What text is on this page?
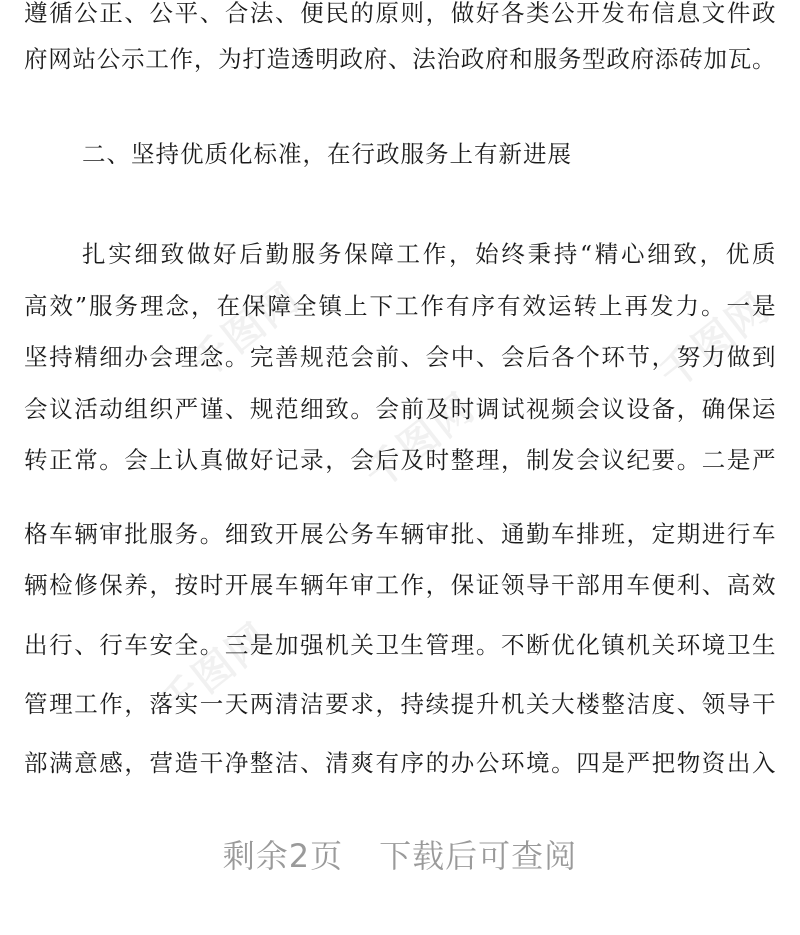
千图网
千图网
千图网
千图网
遵循公正、公平、合法、便民的原则，做好各类公开发布信息文件政
府网站公示工作，为打造透明政府、法治政府和服务型政府添砖加瓦。
二、坚持优质化标准，在行政服务上有新进展
扎实细致做好后勤服务保障工作，始终秉持“精心细致，优质
高效”服务理念，在保障全镇上下工作有序有效运转上再发力。一是
坚持精细办会理念。完善规范会前、会中、会后各个环节，努力做到
会议活动组织严谨、规范细致。会前及时调试视频会议设备，确保运
转正常。会上认真做好记录，会后及时整理，制发会议纪要。二是严
格车辆审批服务。细致开展公务车辆审批、通勤车排班，定期进行车
辆检修保养，按时开展车辆年审工作，保证领导干部用车便利、高效
出行、行车安全。三是加强机关卫生管理。不断优化镇机关环境卫生
管理工作，落实一天两清洁要求，持续提升机关大楼整洁度、领导干
部满意感，营造干净整洁、清爽有序的办公环境。四是严把物资出入
剩余2页 下载后可查阅
